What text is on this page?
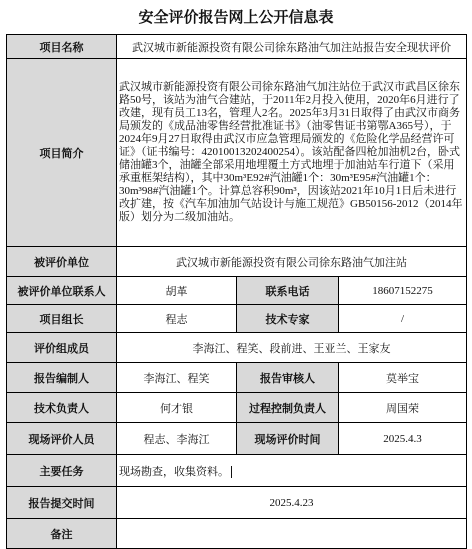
安全评价报告网上公开信息表
项目名称	武汉城市新能源投资有限公司徐东路油气加注站报告安全现状评价		
项目简介	武汉城市新能源投资有限公司徐东路油气加注站位于武汉市武昌区徐东路50号，该站为油气合建站，于2011年2月投入使用，2020年6月进行了改建，现有员工13名，管理人2名。2025年3月31日取得了由武汉市商务局颁发的《成品油零售经营批准证书》（油零售证书第鄂A365号），于2024年9月27日取得由武汉市应急管理局颁发的《危险化学品经营许可证》（证书编号：42010013202400254）。该站配备四枪加油机2台，卧式储油罐3个，油罐全部采用地埋覆土方式地埋于加油站车行道下（采用承重框架结构），其中30m³E92#汽油罐1个：30m³E95#汽油罐1个：30m³98#汽油罐1个。计算总容积90m³，因该站2021年10月1日后未进行改扩建，按《汽车加油加气站设计与施工规范》GB50156-2012（2014年版）划分为二级加油站。		
被评价单位	武汉城市新能源投资有限公司徐东路油气加注站		
被评价单位联系人	胡革	联系电话	18607152275
项目组长	程志	技术专家	/
评价组成员	李海江、程笑、段前进、王亚兰、王家友		
报告编制人	李海江、程笑	报告审核人	莫举宝
技术负责人	何才银	过程控制负责人	周国荣
现场评价人员	程志、李海江	现场评价时间	2025.4.3
主要任务	现场勘查，收集资料。		
报告提交时间	2025.4.23		
备注			
